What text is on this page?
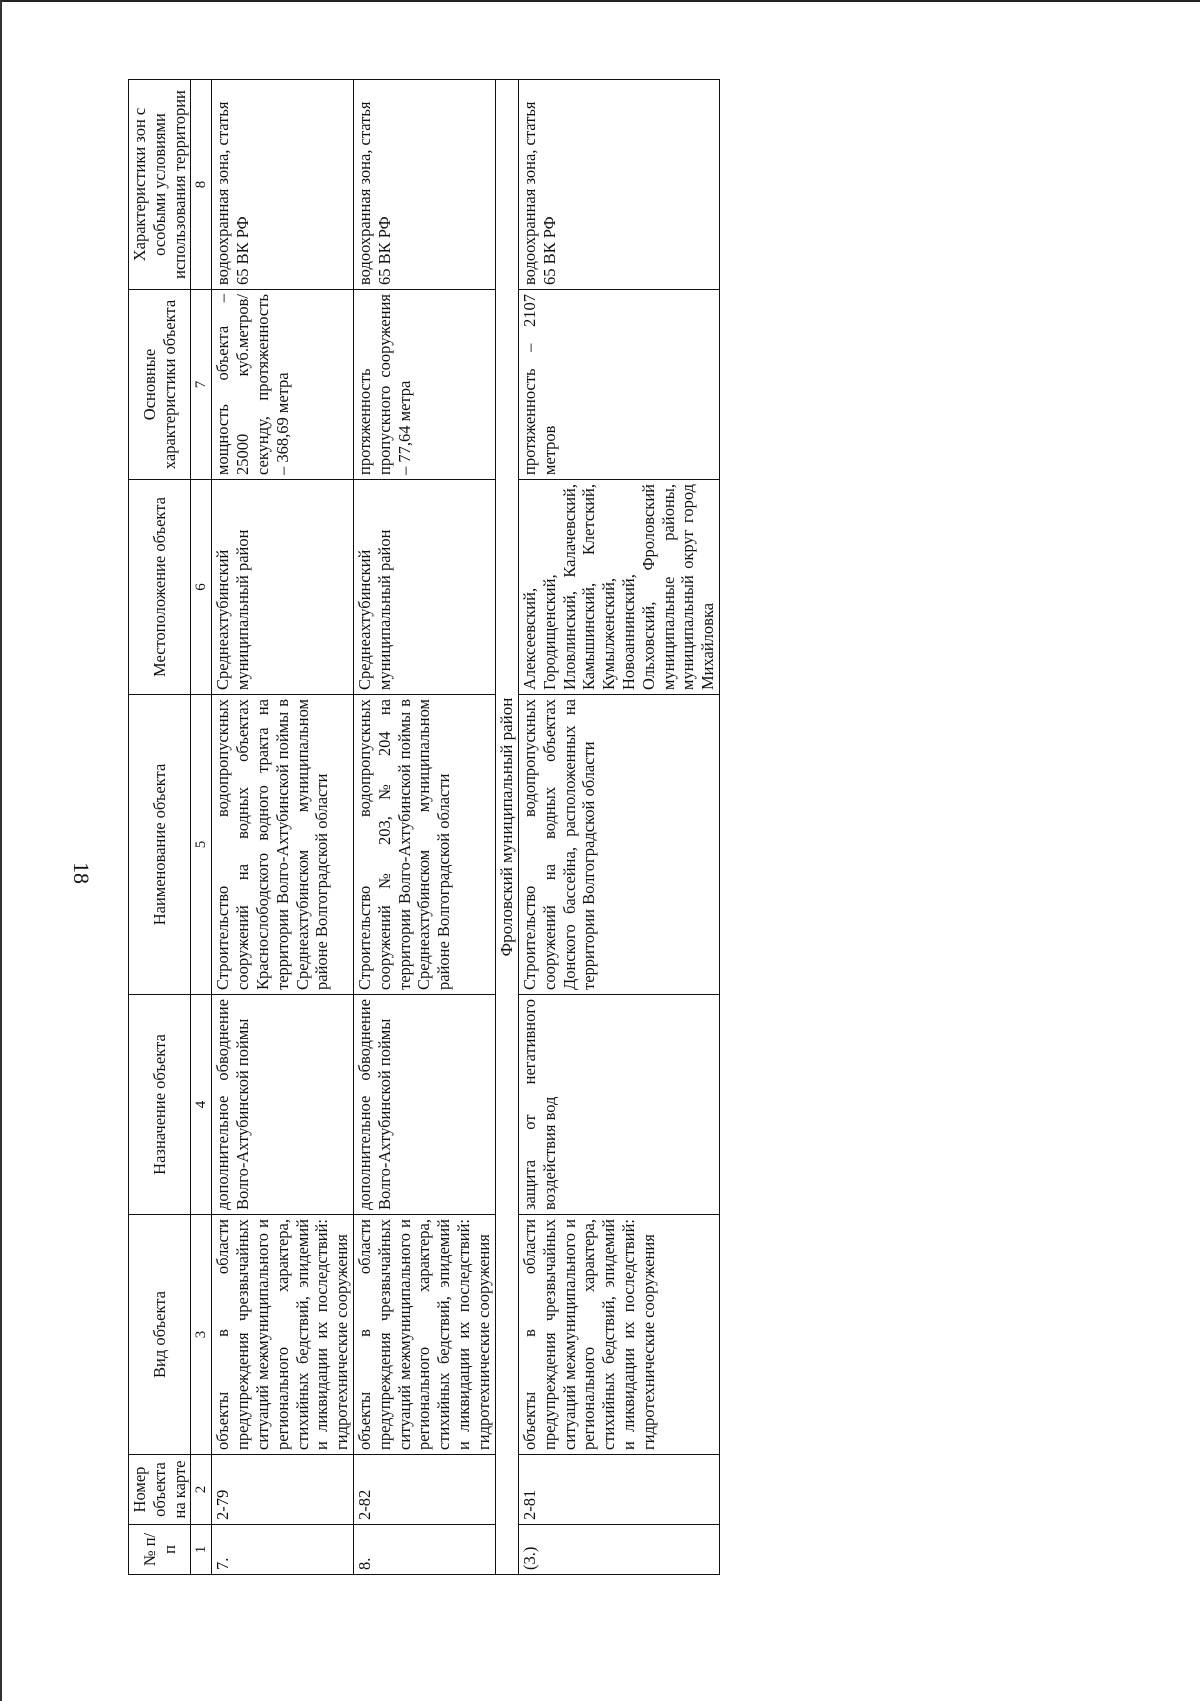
18
№ п/п	Номер объекта на карте	Вид объекта	Назначение объекта	Наименование объекта	Местоположение объекта	Основные характеристики объекта	Характеристики зон с особыми условиями использования территории
1	2	3	4	5	6	7	8
7.	2-79	объекты в области предупреждения чрезвычайных ситуаций межмуниципального и регионального характера, стихийных бедствий, эпидемий и ликвидации их последствий: гидротехнические сооружения	дополнительное обводнение Волго-Ахтубинской поймы	Строительство водопропускных сооружений на водных объектах Краснослободского водного тракта на территории Волго-Ахтубинской поймы в Среднеахтубинском муниципальном районе Волгоградской области	Среднеахтубинский муниципальный район	мощность объекта – 25000 куб.метров/секунду, протяженность – 368,69 метра	водоохранная зона, статья 65 ВК РФ
8.	2-82	объекты в области предупреждения чрезвычайных ситуаций межмуниципального и регионального характера, стихийных бедствий, эпидемий и ликвидации их последствий: гидротехнические сооружения	дополнительное обводнение Волго-Ахтубинской поймы	Строительство водопропускных сооружений № 203, № 204 на территории Волго-Ахтубинской поймы в Среднеахтубинском муниципальном районе Волгоградской области	Среднеахтубинский муниципальный район	протяженность пропускного сооружения – 77,64 метра	водоохранная зона, статья 65 ВК РФ
Фроловский муниципальный район							
(3.)	2-81	объекты в области предупреждения чрезвычайных ситуаций межмуниципального и регионального характера, стихийных бедствий, эпидемий и ликвидации их последствий: гидротехнические сооружения	защита от негативного воздействия вод	Строительство водопропускных сооружений на водных объектах Донского бассейна, расположенных на территории Волгоградской области	Алексеевский, Городищенский, Иловлинский, Калачевский, Камышинский, Клетский, Кумылженский, Новоаннинский, Ольховский, Фроловский муниципальные районы, муниципальный округ город Михайловка	протяженность – 2107 метров	водоохранная зона, статья 65 ВК РФ
